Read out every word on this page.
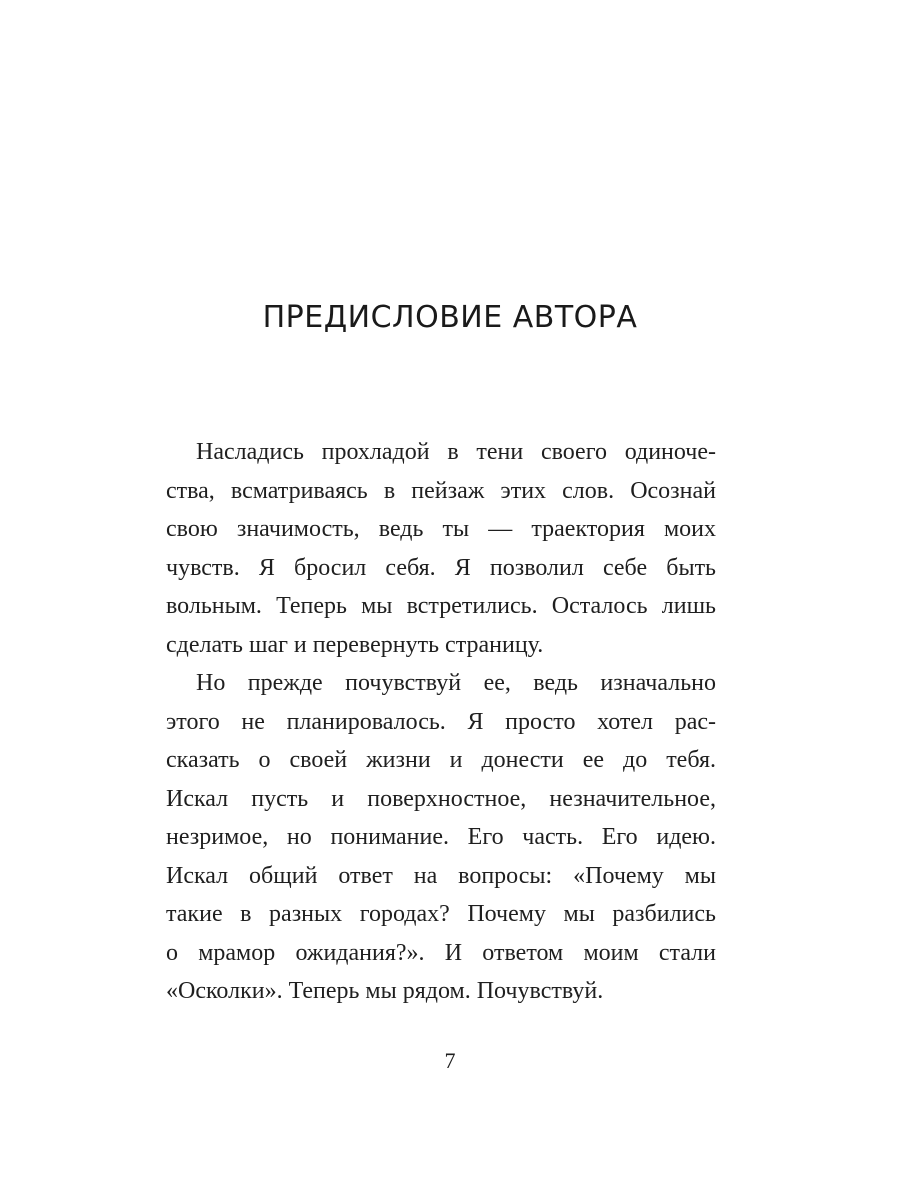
ПРЕДИСЛОВИЕ АВТОРА
Насладись прохладой в тени своего одиноче-
ства, всматриваясь в пейзаж этих слов. Осознай
свою значимость, ведь ты — траектория моих
чувств. Я бросил себя. Я позволил себе быть
вольным. Теперь мы встретились. Осталось лишь
сделать шаг и перевернуть страницу.
Но прежде почувствуй ее, ведь изначально
этого не планировалось. Я просто хотел рас-
сказать о своей жизни и донести ее до тебя.
Искал пусть и поверхностное, незначительное,
незримое, но понимание. Его часть. Его идею.
Искал общий ответ на вопросы: «Почему мы
такие в разных городах? Почему мы разбились
о мрамор ожидания?». И ответом моим стали
«Осколки». Теперь мы рядом. Почувствуй.
7
